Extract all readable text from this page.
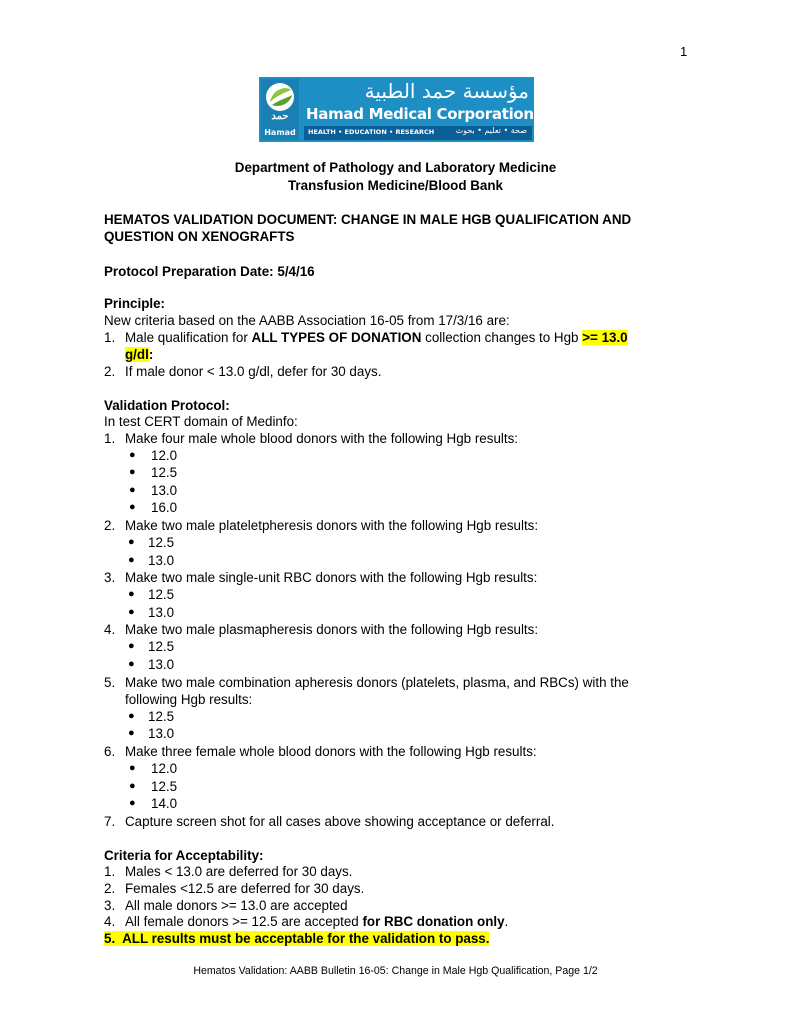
1
حمد
Hamad
مؤسسة حمد الطبية
Hamad Medical Corporation
HEALTH • EDUCATION • RESEARCH	صحة • تعليم • بحوث
Department of Pathology and Laboratory Medicine
Transfusion Medicine/Blood Bank
HEMATOS VALIDATION DOCUMENT: CHANGE IN MALE HGB QUALIFICATION AND
QUESTION ON XENOGRAFTS
Protocol Preparation Date: 5/4/16
Principle:
New criteria based on the AABB Association 16-05 from 17/3/16 are:
1. Male qualification for ALL TYPES OF DONATION collection changes to Hgb >= 13.0
g/dl:
2. If male donor < 13.0 g/dl, defer for 30 days.
Validation Protocol:
In test CERT domain of Medinfo:
1. Make four male whole blood donors with the following Hgb results:
● 12.0
● 12.5
● 13.0
● 16.0
2. Make two male plateletpheresis donors with the following Hgb results:
● 12.5
● 13.0
3. Make two male single-unit RBC donors with the following Hgb results:
● 12.5
● 13.0
4. Make two male plasmapheresis donors with the following Hgb results:
● 12.5
● 13.0
5. Make two male combination apheresis donors (platelets, plasma, and RBCs) with the
following Hgb results:
● 12.5
● 13.0
6. Make three female whole blood donors with the following Hgb results:
● 12.0
● 12.5
● 14.0
7. Capture screen shot for all cases above showing acceptance or deferral.
Criteria for Acceptability:
1. Males < 13.0 are deferred for 30 days.
2. Females <12.5 are deferred for 30 days.
3. All male donors >= 13.0 are accepted
4. All female donors >= 12.5 are accepted for RBC donation only.
5. ALL results must be acceptable for the validation to pass.
Hematos Validation: AABB Bulletin 16-05: Change in Male Hgb Qualification, Page 1/2
